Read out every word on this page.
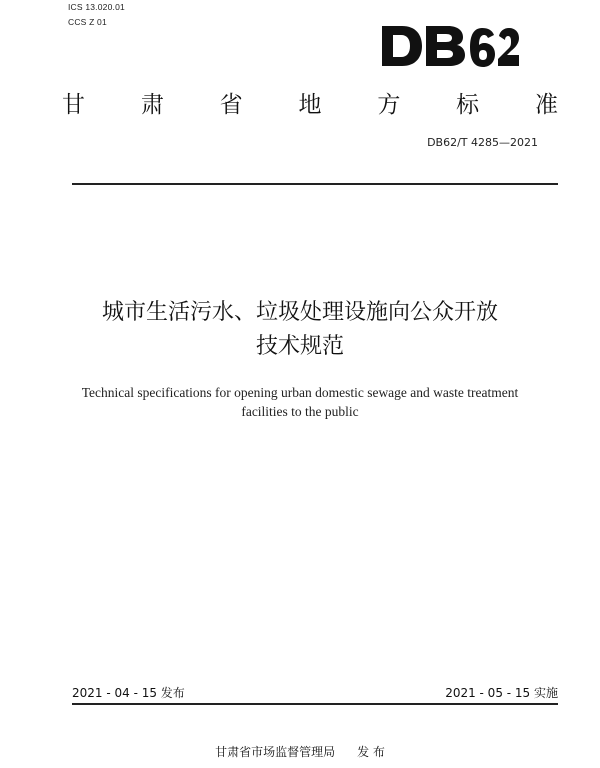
ICS 13.020.01
CCS Z 01
甘 肃 省 地 方 标 准
DB62/T 4285—2021
城市生活污水、垃圾处理设施向公众开放
技术规范
Technical specifications for opening urban domestic sewage and waste treatment
facilities to the public
2021 - 04 - 15 发布	2021 - 05 - 15 实施
甘肃省市场监督管理局 发 布
